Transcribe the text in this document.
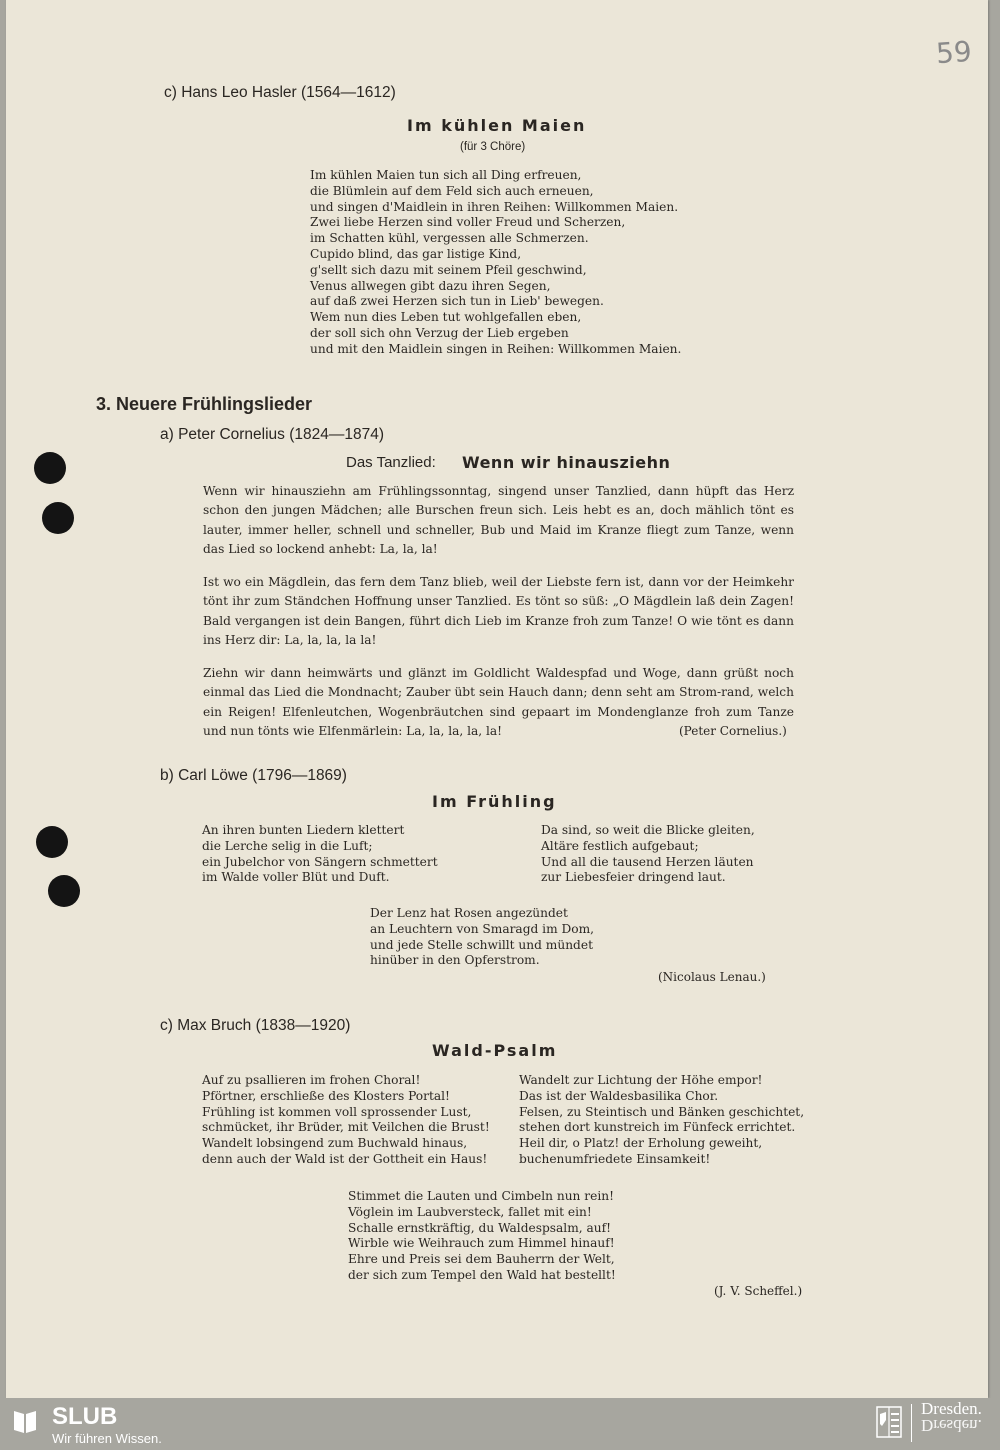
59
c) Hans Leo Hasler (1564—1612)
Im kühlen Maien
(für 3 Chöre)
Im kühlen Maien tun sich all Ding erfreuen,
die Blümlein auf dem Feld sich auch erneuen,
und singen d'Maidlein in ihren Reihen: Willkommen Maien.
Zwei liebe Herzen sind voller Freud und Scherzen,
im Schatten kühl, vergessen alle Schmerzen.
Cupido blind, das gar listige Kind,
g'sellt sich dazu mit seinem Pfeil geschwind,
Venus allwegen gibt dazu ihren Segen,
auf daß zwei Herzen sich tun in Lieb' bewegen.
Wem nun dies Leben tut wohlgefallen eben,
der soll sich ohn Verzug der Lieb ergeben
und mit den Maidlein singen in Reihen: Willkommen Maien.
3. Neuere Frühlingslieder
a) Peter Cornelius (1824—1874)
Das Tanzlied: Wenn wir hinausziehn
Wenn wir hinausziehn am Frühlingssonntag, singend unser Tanzlied, dann hüpft das Herz schon den jungen Mädchen; alle Burschen freun sich. Leis hebt es an, doch mählich tönt es lauter, immer heller, schnell und schneller, Bub und Maid im Kranze fliegt zum Tanze, wenn das Lied so lockend anhebt: La, la, la!
Ist wo ein Mägdlein, das fern dem Tanz blieb, weil der Liebste fern ist, dann vor der Heimkehr tönt ihr zum Ständchen Hoffnung unser Tanzlied. Es tönt so süß: „O Mägdlein laß dein Zagen! Bald vergangen ist dein Bangen, führt dich Lieb im Kranze froh zum Tanze! O wie tönt es dann ins Herz dir: La, la, la, la la!
Ziehn wir dann heimwärts und glänzt im Goldlicht Waldespfad und Woge, dann grüßt noch einmal das Lied die Mondnacht; Zauber übt sein Hauch dann; denn seht am Strom-rand, welch ein Reigen! Elfenleutchen, Wogenbräutchen sind gepaart im Mondenglanze froh zum Tanze und nun tönts wie Elfenmärlein: La, la, la, la, la!	(Peter Cornelius.)
b) Carl Löwe (1796—1869)
Im Frühling
An ihren bunten Liedern klettert
die Lerche selig in die Luft;
ein Jubelchor von Sängern schmettert
im Walde voller Blüt und Duft.
Da sind, so weit die Blicke gleiten,
Altäre festlich aufgebaut;
Und all die tausend Herzen läuten
zur Liebesfeier dringend laut.
Der Lenz hat Rosen angezündet
an Leuchtern von Smaragd im Dom,
und jede Stelle schwillt und mündet
hinüber in den Opferstrom.
(Nicolaus Lenau.)
c) Max Bruch (1838—1920)
Wald-Psalm
Auf zu psallieren im frohen Choral!
Pförtner, erschließe des Klosters Portal!
Frühling ist kommen voll sprossender Lust,
schmücket, ihr Brüder, mit Veilchen die Brust!
Wandelt lobsingend zum Buchwald hinaus,
denn auch der Wald ist der Gottheit ein Haus!
Wandelt zur Lichtung der Höhe empor!
Das ist der Waldesbasilika Chor.
Felsen, zu Steintisch und Bänken geschichtet,
stehen dort kunstreich im Fünfeck errichtet.
Heil dir, o Platz! der Erholung geweiht,
buchenumfriedete Einsamkeit!
Stimmet die Lauten und Cimbeln nun rein!
Vöglein im Laubversteck, fallet mit ein!
Schalle ernstkräftig, du Waldespsalm, auf!
Wirble wie Weihrauch zum Himmel hinauf!
Ehre und Preis sei dem Bauherrn der Welt,
der sich zum Tempel den Wald hat bestellt!
(J. V. Scheffel.)
SLUB
Wir führen Wissen.
Dresden.
Dresden.
